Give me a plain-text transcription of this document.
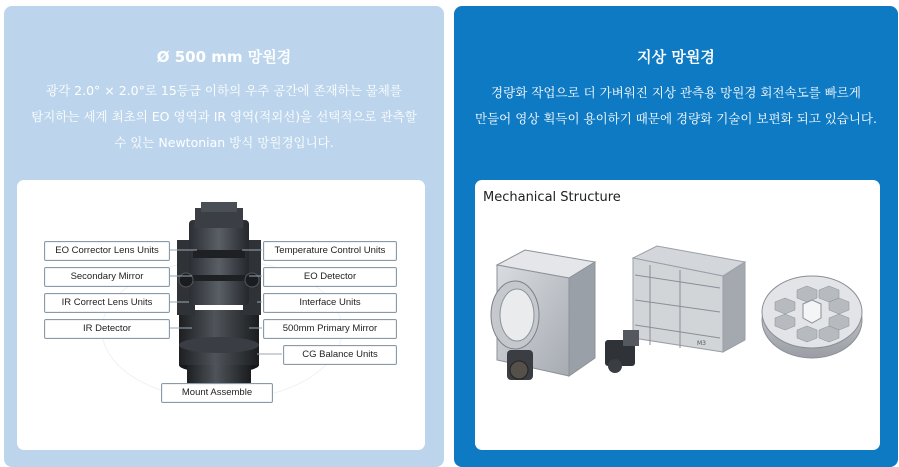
Ø 500 mm 망원경
광각 2.0° × 2.0°로 15등급 이하의 우주 공간에 존재하는 물체를
탐지하는 세계 최초의 EO 영역과 IR 영역(적외선)을 선택적으로 관측할
수 있는 Newtonian 방식 망원경입니다.
EO Corrector Lens Units
Secondary Mirror
IR Correct Lens Units
IR Detector
Temperature Control Units
EO Detector
Interface Units
500mm Primary Mirror
CG Balance Units
Mount Assemble
지상 망원경
경량화 작업으로 더 가벼워진 지상 관측용 망원경 회전속도를 빠르게
만들어 영상 획득이 용이하기 때문에 경량화 기술이 보편화 되고 있습니다.
Mechanical Structure
M3
